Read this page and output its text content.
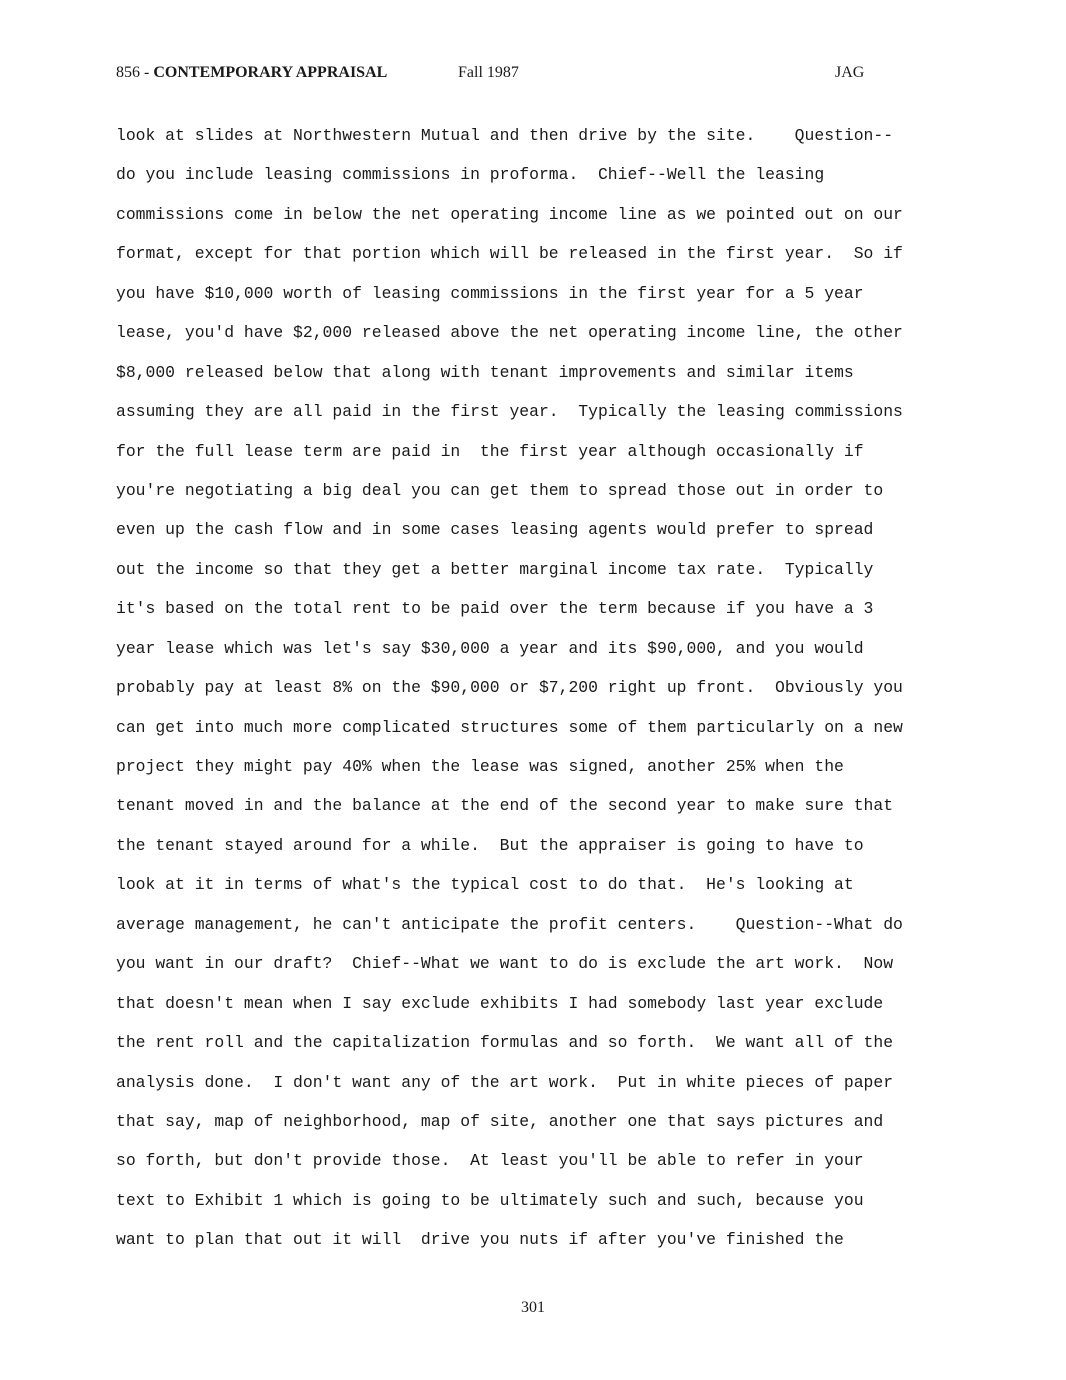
856 - CONTEMPORARY APPRAISAL	Fall 1987	JAG
look at slides at Northwestern Mutual and then drive by the site.    Question--
do you include leasing commissions in proforma.  Chief--Well the leasing
commissions come in below the net operating income line as we pointed out on our
format, except for that portion which will be released in the first year.  So if
you have $10,000 worth of leasing commissions in the first year for a 5 year
lease, you'd have $2,000 released above the net operating income line, the other
$8,000 released below that along with tenant improvements and similar items
assuming they are all paid in the first year.  Typically the leasing commissions
for the full lease term are paid in  the first year although occasionally if
you're negotiating a big deal you can get them to spread those out in order to
even up the cash flow and in some cases leasing agents would prefer to spread
out the income so that they get a better marginal income tax rate.  Typically
it's based on the total rent to be paid over the term because if you have a 3
year lease which was let's say $30,000 a year and its $90,000, and you would
probably pay at least 8% on the $90,000 or $7,200 right up front.  Obviously you
can get into much more complicated structures some of them particularly on a new
project they might pay 40% when the lease was signed, another 25% when the
tenant moved in and the balance at the end of the second year to make sure that
the tenant stayed around for a while.  But the appraiser is going to have to
look at it in terms of what's the typical cost to do that.  He's looking at
average management, he can't anticipate the profit centers.    Question--What do
you want in our draft?  Chief--What we want to do is exclude the art work.  Now
that doesn't mean when I say exclude exhibits I had somebody last year exclude
the rent roll and the capitalization formulas and so forth.  We want all of the
analysis done.  I don't want any of the art work.  Put in white pieces of paper
that say, map of neighborhood, map of site, another one that says pictures and
so forth, but don't provide those.  At least you'll be able to refer in your
text to Exhibit 1 which is going to be ultimately such and such, because you
want to plan that out it will  drive you nuts if after you've finished the
301
